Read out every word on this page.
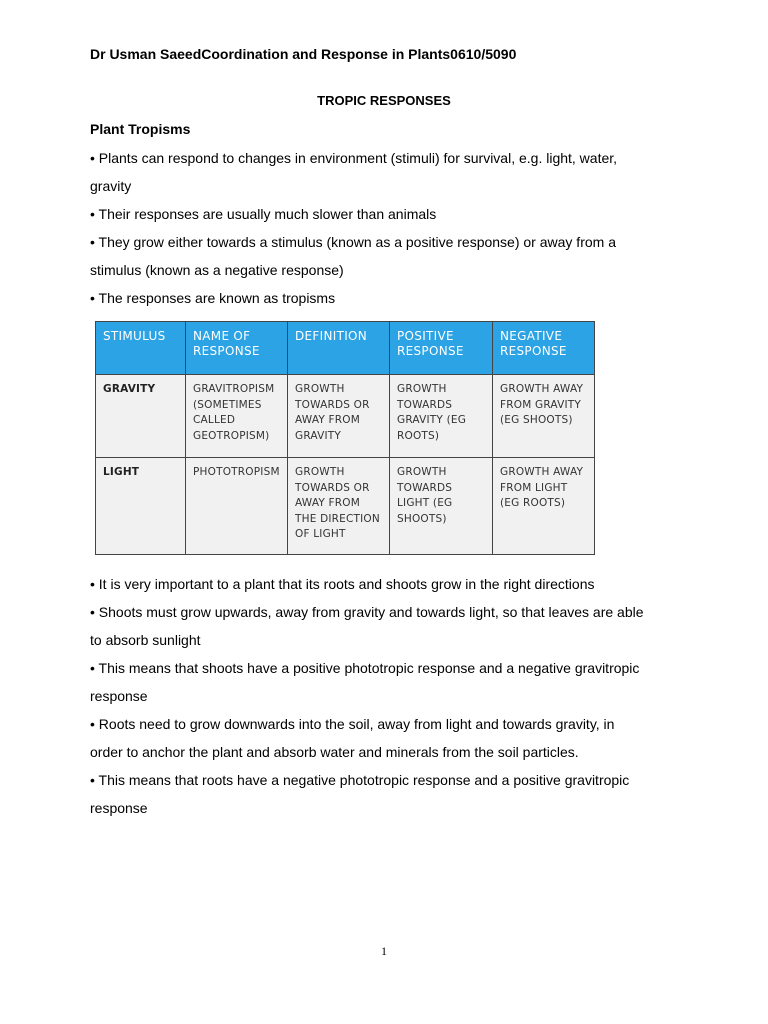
Dr Usman SaeedCoordination and Response in Plants0610/5090
TROPIC RESPONSES
Plant Tropisms

• Plants can respond to changes in environment (stimuli) for survival, e.g. light, water, gravity

• Their responses are usually much slower than animals

• They grow either towards a stimulus (known as a positive response) or away from a stimulus (known as a negative response)

• The responses are known as tropisms

STIMULUS	NAME OF RESPONSE	DEFINITION	POSITIVE RESPONSE	NEGATIVE RESPONSE
GRAVITY	GRAVITROPISM (SOMETIMES CALLED GEOTROPISM)	GROWTH TOWARDS OR AWAY FROM GRAVITY	GROWTH TOWARDS GRAVITY (EG ROOTS)	GROWTH AWAY FROM GRAVITY (EG SHOOTS)
LIGHT	PHOTOTROPISM	GROWTH TOWARDS OR AWAY FROM THE DIRECTION OF LIGHT	GROWTH TOWARDS LIGHT (EG SHOOTS)	GROWTH AWAY FROM LIGHT (EG ROOTS)

• It is very important to a plant that its roots and shoots grow in the right directions

• Shoots must grow upwards, away from gravity and towards light, so that leaves are able to absorb sunlight

• This means that shoots have a positive phototropic response and a negative gravitropic response

• Roots need to grow downwards into the soil, away from light and towards gravity, in order to anchor the plant and absorb water and minerals from the soil particles.

• This means that roots have a negative phototropic response and a positive gravitropic response

1
